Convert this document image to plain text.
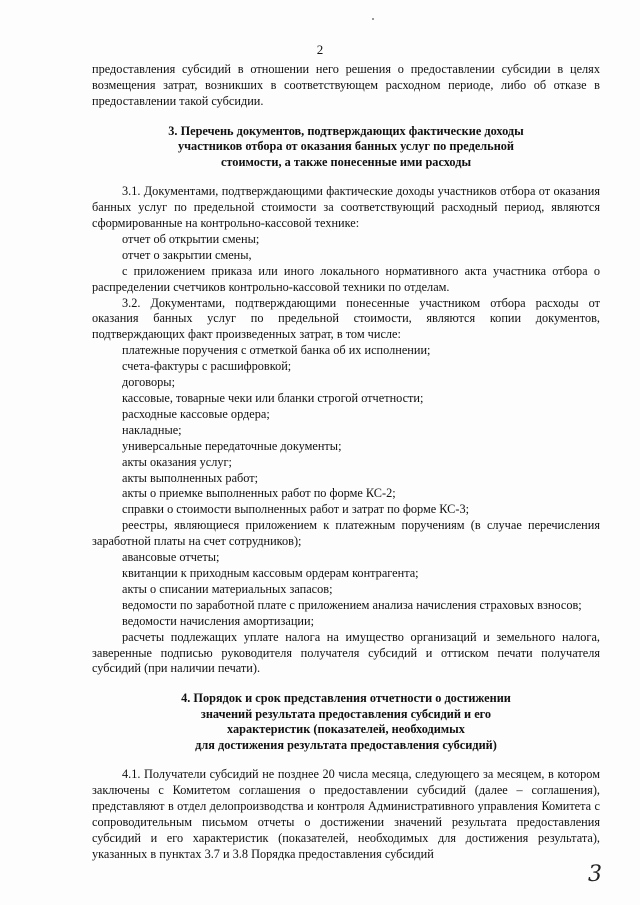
2

предоставления субсидий в отношении него решения о предоставлении субсидии в целях возмещения затрат, возникших в соответствующем расходном периоде, либо об отказе в предоставлении такой субсидии.

3. Перечень документов, подтверждающих фактические доходы
участников отбора от оказания банных услуг по предельной
стоимости, а также понесенные ими расходы

3.1. Документами, подтверждающими фактические доходы участников отбора от оказания банных услуг по предельной стоимости за соответствующий расходный период, являются сформированные на контрольно-кассовой технике:

отчет об открытии смены;

отчет о закрытии смены,

с приложением приказа или иного локального нормативного акта участника отбора о распределении счетчиков контрольно-кассовой техники по отделам.

3.2. Документами, подтверждающими понесенные участником отбора расходы от оказания банных услуг по предельной стоимости, являются копии документов, подтверждающих факт произведенных затрат, в том числе:

платежные поручения с отметкой банка об их исполнении;

счета-фактуры с расшифровкой;

договоры;

кассовые, товарные чеки или бланки строгой отчетности;

расходные кассовые ордера;

накладные;

универсальные передаточные документы;

акты оказания услуг;

акты выполненных работ;

акты о приемке выполненных работ по форме КС-2;

справки о стоимости выполненных работ и затрат по форме КС-3;

реестры, являющиеся приложением к платежным поручениям (в случае перечисления заработной платы на счет сотрудников);

авансовые отчеты;

квитанции к приходным кассовым ордерам контрагента;

акты о списании материальных запасов;

ведомости по заработной плате с приложением анализа начисления страховых взносов;

ведомости начисления амортизации;

расчеты подлежащих уплате налога на имущество организаций и земельного налога, заверенные подписью руководителя получателя субсидий и оттиском печати получателя субсидий (при наличии печати).

4. Порядок и срок представления отчетности о достижении
значений результата предоставления субсидий и его
характеристик (показателей, необходимых
для достижения результата предоставления субсидий)

4.1. Получатели субсидий не позднее 20 числа месяца, следующего за месяцем, в котором заключены с Комитетом соглашения о предоставлении субсидий (далее – соглашения), представляют в отдел делопроизводства и контроля Административного управления Комитета с сопроводительным письмом отчеты о достижении значений результата предоставления субсидий и его характеристик (показателей, необходимых для достижения результата), указанных в пунктах 3.7 и 3.8 Порядка предоставления субсидий

3
